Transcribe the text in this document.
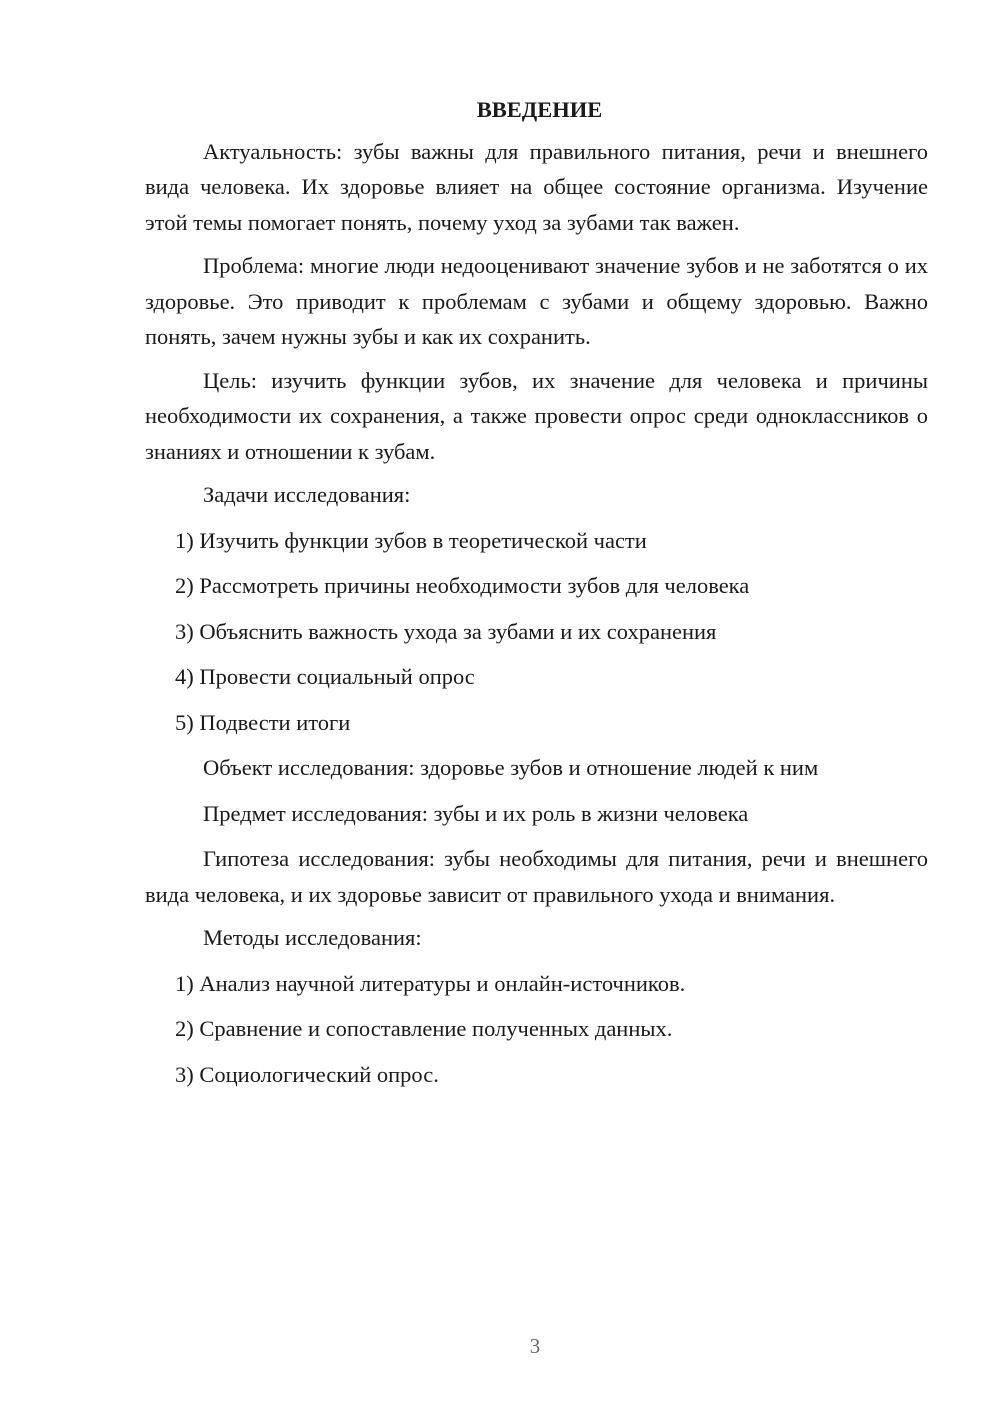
ВВЕДЕНИЕ

Актуальность: зубы важны для правильного питания, речи и внешнего вида человека. Их здоровье влияет на общее состояние организма. Изучение этой темы помогает понять, почему уход за зубами так важен.

Проблема: многие люди недооценивают значение зубов и не заботятся о их здоровье. Это приводит к проблемам с зубами и общему здоровью. Важно понять, зачем нужны зубы и как их сохранить.

Цель: изучить функции зубов, их значение для человека и причины необходимости их сохранения, а также провести опрос среди одноклассников о знаниях и отношении к зубам.

Задачи исследования:

1) Изучить функции зубов в теоретической части

2) Рассмотреть причины необходимости зубов для человека

3) Объяснить важность ухода за зубами и их сохранения

4) Провести социальный опрос

5) Подвести итоги

Объект исследования: здоровье зубов и отношение людей к ним

Предмет исследования: зубы и их роль в жизни человека

Гипотеза исследования: зубы необходимы для питания, речи и внешнего вида человека, и их здоровье зависит от правильного ухода и внимания.

Методы исследования:

1) Анализ научной литературы и онлайн-источников.

2) Сравнение и сопоставление полученных данных.

3) Социологический опрос.

3
